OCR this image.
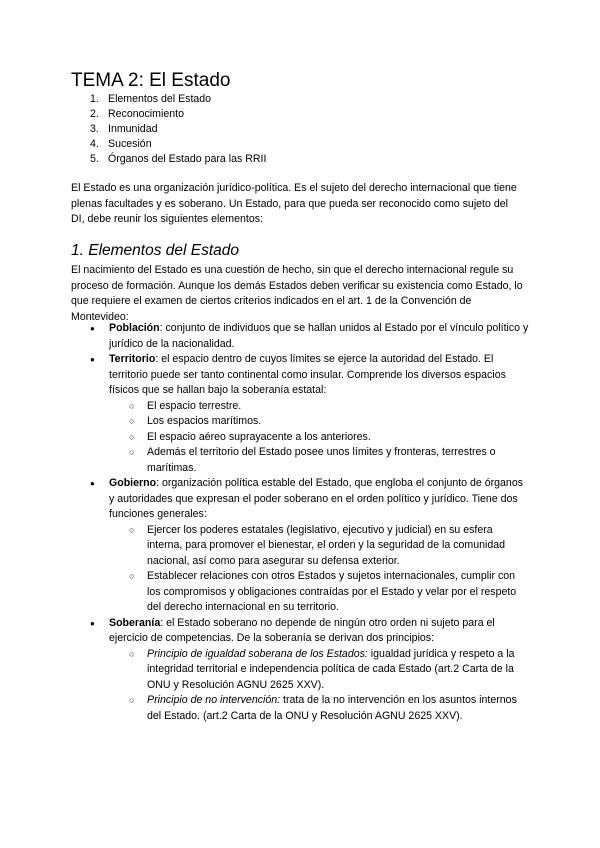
TEMA 2: El Estado
1. Elementos del Estado
2. Reconocimiento
3. Inmunidad
4. Sucesión
5. Órganos del Estado para las RRII

El Estado es una organización jurídico-política. Es el sujeto del derecho internacional que tiene plenas facultades y es soberano. Un Estado, para que pueda ser reconocido como sujeto del DI, debe reunir los siguientes elementos:

1. Elementos del Estado

El nacimiento del Estado es una cuestión de hecho, sin que el derecho internacional regule su proceso de formación. Aunque los demás Estados deben verificar su existencia como Estado, lo que requiere el examen de ciertos criterios indicados en el art. 1 de la Convención de Montevideo:

● Población: conjunto de individuos que se hallan unidos al Estado por el vínculo político y jurídico de la nacionalidad.
● Territorio: el espacio dentro de cuyos límites se ejerce la autoridad del Estado. El territorio puede ser tanto continental como insular. Comprende los diversos espacios físicos que se hallan bajo la soberanía estatal:
○ El espacio terrestre.
○ Los espacios marítimos.
○ El espacio aéreo suprayacente a los anteriores.
○ Además el territorio del Estado posee unos límites y fronteras, terrestres o marítimas.
● Gobierno: organización política estable del Estado, que engloba el conjunto de órganos y autoridades que expresan el poder soberano en el orden político y jurídico. Tiene dos funciones generales:
○ Ejercer los poderes estatales (legislativo, ejecutivo y judicial) en su esfera interna, para promover el bienestar, el orden y la seguridad de la comunidad nacional, así como para asegurar su defensa exterior.
○ Establecer relaciones con otros Estados y sujetos internacionales, cumplir con los compromisos y obligaciones contraídas por el Estado y velar por el respeto del derecho internacional en su territorio.
● Soberanía: el Estado soberano no depende de ningún otro orden ni sujeto para el ejercicio de competencias. De la soberanía se derivan dos principios:
○ Principio de igualdad soberana de los Estados: igualdad jurídica y respeto a la integridad territorial e independencia política de cada Estado (art.2 Carta de la ONU y Resolución AGNU 2625 XXV).
○ Principio de no intervención: trata de la no intervención en los asuntos internos del Estado. (art.2 Carta de la ONU y Resolución AGNU 2625 XXV).
